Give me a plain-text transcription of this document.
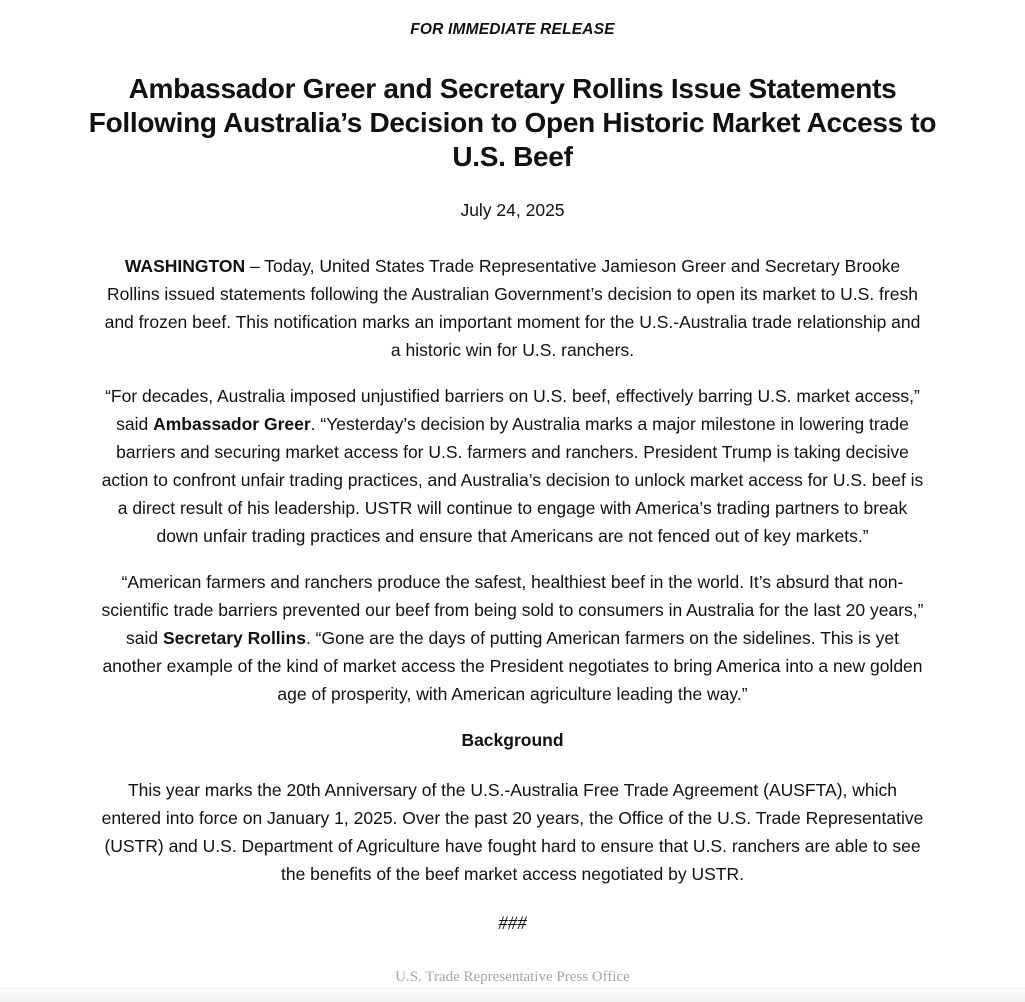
FOR IMMEDIATE RELEASE

Ambassador Greer and Secretary Rollins Issue Statements
Following Australia’s Decision to Open Historic Market Access to
U.S. Beef

July 24, 2025

WASHINGTON – Today, United States Trade Representative Jamieson Greer and Secretary Brooke
Rollins issued statements following the Australian Government’s decision to open its market to U.S. fresh
and frozen beef. This notification marks an important moment for the U.S.-Australia trade relationship and
a historic win for U.S. ranchers.

“For decades, Australia imposed unjustified barriers on U.S. beef, effectively barring U.S. market access,”
said Ambassador Greer. “Yesterday’s decision by Australia marks a major milestone in lowering trade
barriers and securing market access for U.S. farmers and ranchers. President Trump is taking decisive
action to confront unfair trading practices, and Australia’s decision to unlock market access for U.S. beef is
a direct result of his leadership. USTR will continue to engage with America’s trading partners to break
down unfair trading practices and ensure that Americans are not fenced out of key markets.”

“American farmers and ranchers produce the safest, healthiest beef in the world. It’s absurd that non-
scientific trade barriers prevented our beef from being sold to consumers in Australia for the last 20 years,”
said Secretary Rollins. “Gone are the days of putting American farmers on the sidelines. This is yet
another example of the kind of market access the President negotiates to bring America into a new golden
age of prosperity, with American agriculture leading the way.”

Background

This year marks the 20th Anniversary of the U.S.-Australia Free Trade Agreement (AUSFTA), which
entered into force on January 1, 2025. Over the past 20 years, the Office of the U.S. Trade Representative
(USTR) and U.S. Department of Agriculture have fought hard to ensure that U.S. ranchers are able to see
the benefits of the beef market access negotiated by USTR.

###

U.S. Trade Representative Press Office
